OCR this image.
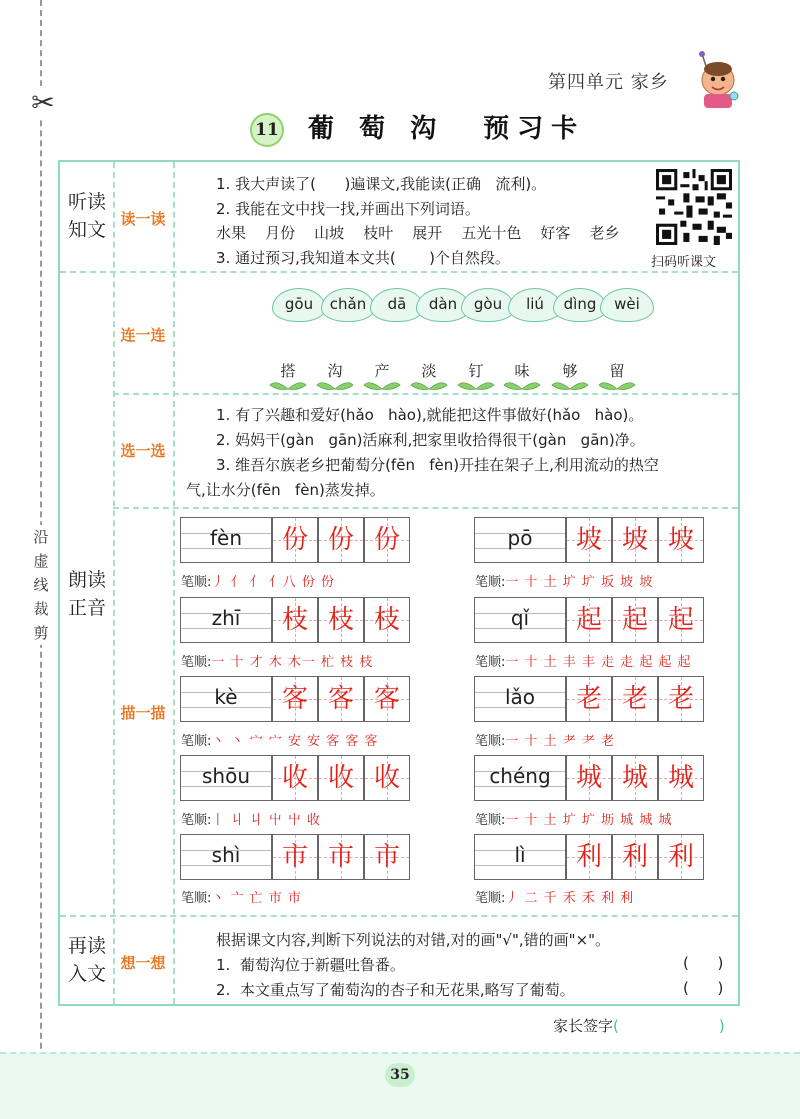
✂
沿
虚
线
裁
剪
第四单元 家乡
11 葡 萄 沟 预习卡
听读
知文
朗读
正音
再读
入文
读一读
连一连
选一选
描一描
想一想
1. 我大声读了(      )遍课文,我能读(正确   流利)。
2. 我能在文中找一找,并画出下列词语。
水果    月份    山坡    枝叶    展开    五光十色    好客    老乡
3. 通过预习,我知道本文共(       )个自然段。	扫码听课文
gōu	chǎn	dā	dàn	gòu	liú	dìng	wèi
搭	沟	产	淡	钉	味	够	留
1. 有了兴趣和爱好(hǎo   hào),就能把这件事做好(hǎo   hào)。
2. 妈妈干(gàn   gān)活麻利,把家里收拾得很干(gàn   gān)净。
3. 维吾尔族老乡把葡萄分(fēn   fèn)开挂在架子上,利用流动的热空
气,让水分(fēn   fèn)蒸发掉。
fèn	份 份 份
笔顺:丿 亻 亻 亻八 份 份
zhī	枝 枝 枝
笔顺:一 十 才 木 木一 杧 枝 枝
kè	客 客 客
笔顺:丶 丶 宀 宀 安 安 客 客 客
shōu	收 收 收
笔顺:丨 丩 丩 屮 屮 收
shì	市 市 市
笔顺:丶 亠 亡 市 市
pō	坡 坡 坡
笔顺:一 十 土 圹 圹 坂 坡 坡
qǐ	起 起 起
笔顺:一 十 土 丰 丰 走 走 起 起 起
lǎo	老 老 老
笔顺:一 十 土 耂 耂 老
chéng 城 城 城
笔顺:一 十 土 圹 圹 坜 城 城 城
lì	利 利 利
笔顺:丿 二 千 禾 禾 利 利
根据课文内容,判断下列说法的对错,对的画"√",错的画"×"。
1.  葡萄沟位于新疆吐鲁番。	(      )
2.  本文重点写了葡萄沟的杏子和无花果,略写了葡萄。	(      )
家长签字(	)
35
